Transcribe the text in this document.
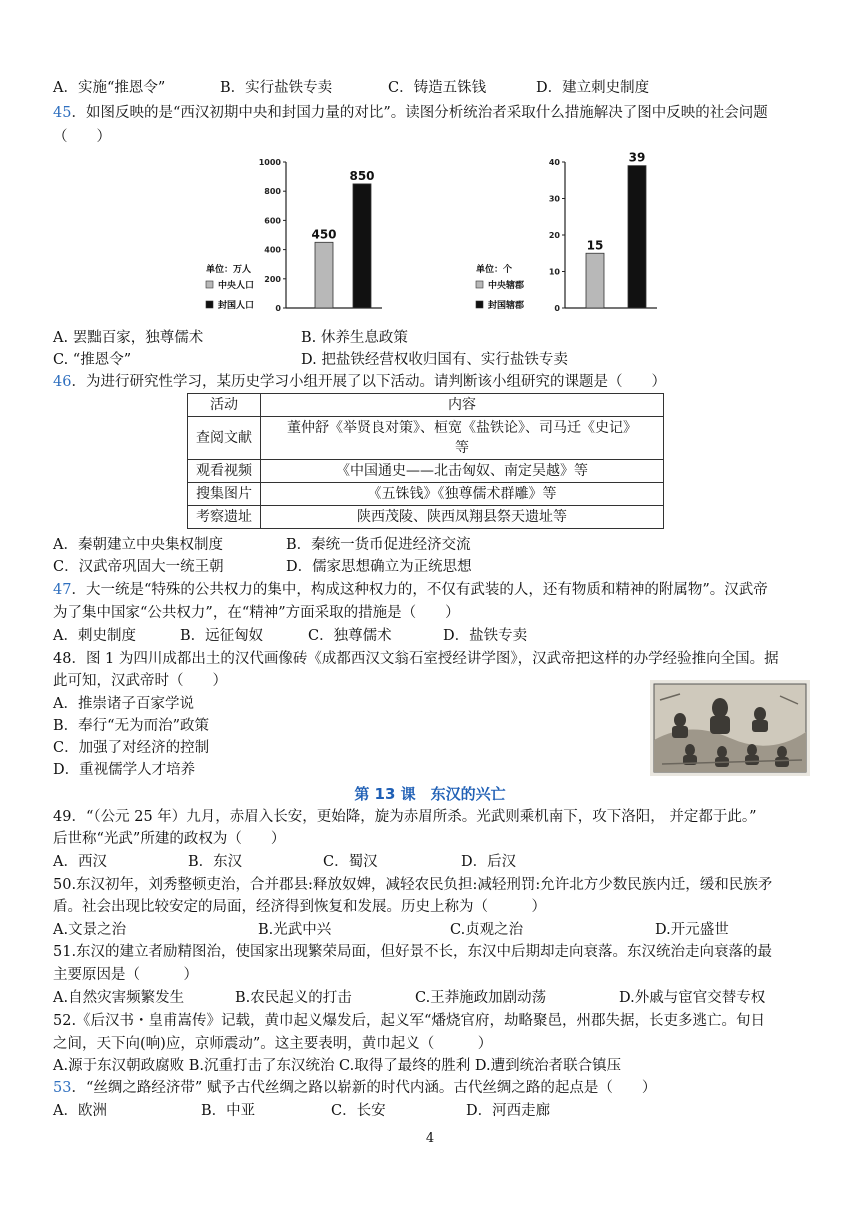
A．实施“推恩令”	B．实行盐铁专卖	C．铸造五铢钱	D．建立刺史制度
45．如图反映的是“西汉初期中央和封国力量的对比”。读图分析统治者采取什么措施解决了图中反映的社会问题
（　　）
0
200
400
600
800
1000
450
850
单位：万人
中央人口
封国人口	0
10
20
30
40
15
39
单位：个
中央辖郡
封国辖郡
A. 罢黜百家，独尊儒术	B. 休养生息政策
C. “推恩令”	D. 把盐铁经营权收归国有、实行盐铁专卖
46．为进行研究性学习，某历史学习小组开展了以下活动。请判断该小组研究的课题是（　　）
活动	内容
查阅文献	董仲舒《举贤良对策》、桓宽《盐铁论》、司马迁《史记》
等
观看视频	《中国通史——北击匈奴、南定吴越》等
搜集图片	《五铢钱》《独尊儒术群雕》等
考察遗址	陕西茂陵、陕西凤翔县祭天遗址等
A．秦朝建立中央集权制度	B．秦统一货币促进经济交流
C．汉武帝巩固大一统王朝	D．儒家思想确立为正统思想
47．大一统是“特殊的公共权力的集中，构成这种权力的，不仅有武装的人，还有物质和精神的附属物”。汉武帝
为了集中国家“公共权力”，在“精神”方面采取的措施是（　　）
A．刺史制度	B．远征匈奴	C．独尊儒术	D．盐铁专卖
48．图 1 为四川成都出土的汉代画像砖《成都西汉文翁石室授经讲学图》，汉武帝把这样的办学经验推向全国。据
此可知，汉武帝时（　　）
A．推崇诸子百家学说
B．奉行“无为而治”政策
C．加强了对经济的控制
D．重视儒学人才培养
第 13 课　东汉的兴亡
49．“（公元 25 年）九月，赤眉入长安，更始降，旋为赤眉所杀。光武则乘机南下，攻下洛阳， 并定都于此。”
后世称“光武”所建的政权为（　　）
A．西汉	B．东汉	C．蜀汉	D．后汉
50.东汉初年，刘秀整顿吏治，合并郡县:释放奴婢，减轻农民负担:减轻刑罚:允许北方少数民族内迁，缓和民族矛
盾。社会出现比较安定的局面，经济得到恢复和发展。历史上称为（　　　）
A.文景之治	B.光武中兴	C.贞观之治	D.开元盛世
51.东汉的建立者励精图治，使国家出现繁荣局面，但好景不长，东汉中后期却走向衰落。东汉统治走向衰落的最
主要原因是（　　　）
A.自然灾害频繁发生	B.农民起义的打击	C.王莽施政加剧动荡	D.外戚与宦官交替专权
52.《后汉书・皇甫嵩传》记载，黄巾起义爆发后，起义军“燔烧官府，劫略聚邑，州郡失据，长吏多逃亡。旬日
之间，天下向(响)应，京师震动”。这主要表明，黄巾起义（　　　）
A.源于东汉朝政腐败 B.沉重打击了东汉统治 C.取得了最终的胜利 D.遭到统治者联合镇压
53．“丝绸之路经济带” 赋予古代丝绸之路以崭新的时代内涵。古代丝绸之路的起点是（　　）
A．欧洲	B．中亚	C．长安	D．河西走廊
4
